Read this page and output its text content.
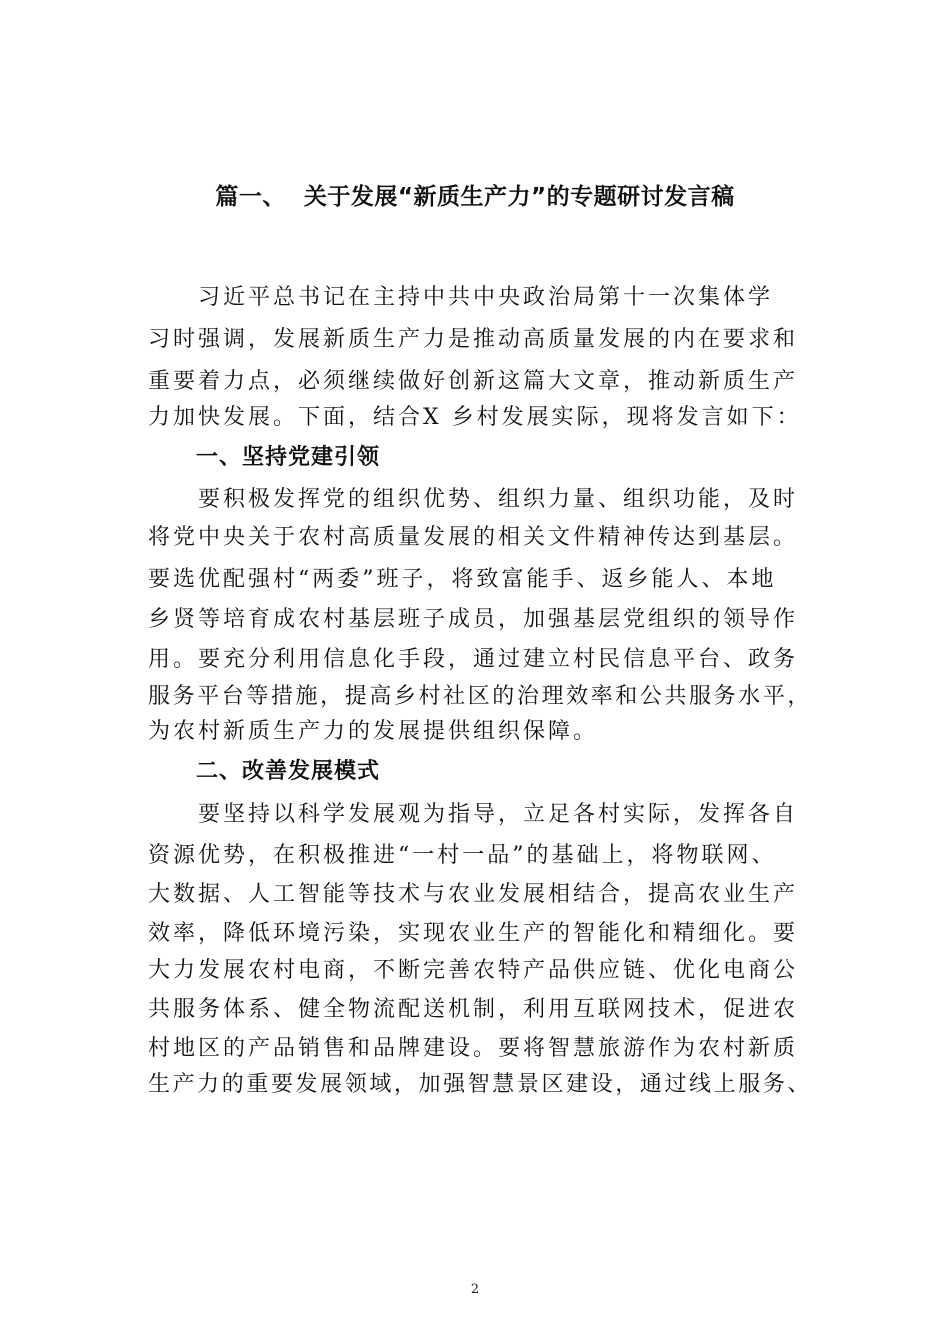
篇一、 关于发展“新质生产力”的专题研讨发言稿
习近平总书记在主持中共中央政治局第十一次集体学
习时强调，发展新质生产力是推动高质量发展的内在要求和
重要着力点，必须继续做好创新这篇大文章，推动新质生产
力加快发展。下面，结合X 乡村发展实际，现将发言如下：
一、坚持党建引领
要积极发挥党的组织优势、组织力量、组织功能，及时
将党中央关于农村高质量发展的相关文件精神传达到基层。
要选优配强村“两委”班子，将致富能手、返乡能人、本地
乡贤等培育成农村基层班子成员，加强基层党组织的领导作
用。要充分利用信息化手段，通过建立村民信息平台、政务
服务平台等措施，提高乡村社区的治理效率和公共服务水平，
为农村新质生产力的发展提供组织保障。
二、改善发展模式
要坚持以科学发展观为指导，立足各村实际，发挥各自
资源优势，在积极推进“一村一品”的基础上，将物联网、
大数据、人工智能等技术与农业发展相结合，提高农业生产
效率，降低环境污染，实现农业生产的智能化和精细化。要
大力发展农村电商，不断完善农特产品供应链、优化电商公
共服务体系、健全物流配送机制，利用互联网技术，促进农
村地区的产品销售和品牌建设。要将智慧旅游作为农村新质
生产力的重要发展领域，加强智慧景区建设，通过线上服务、
2
